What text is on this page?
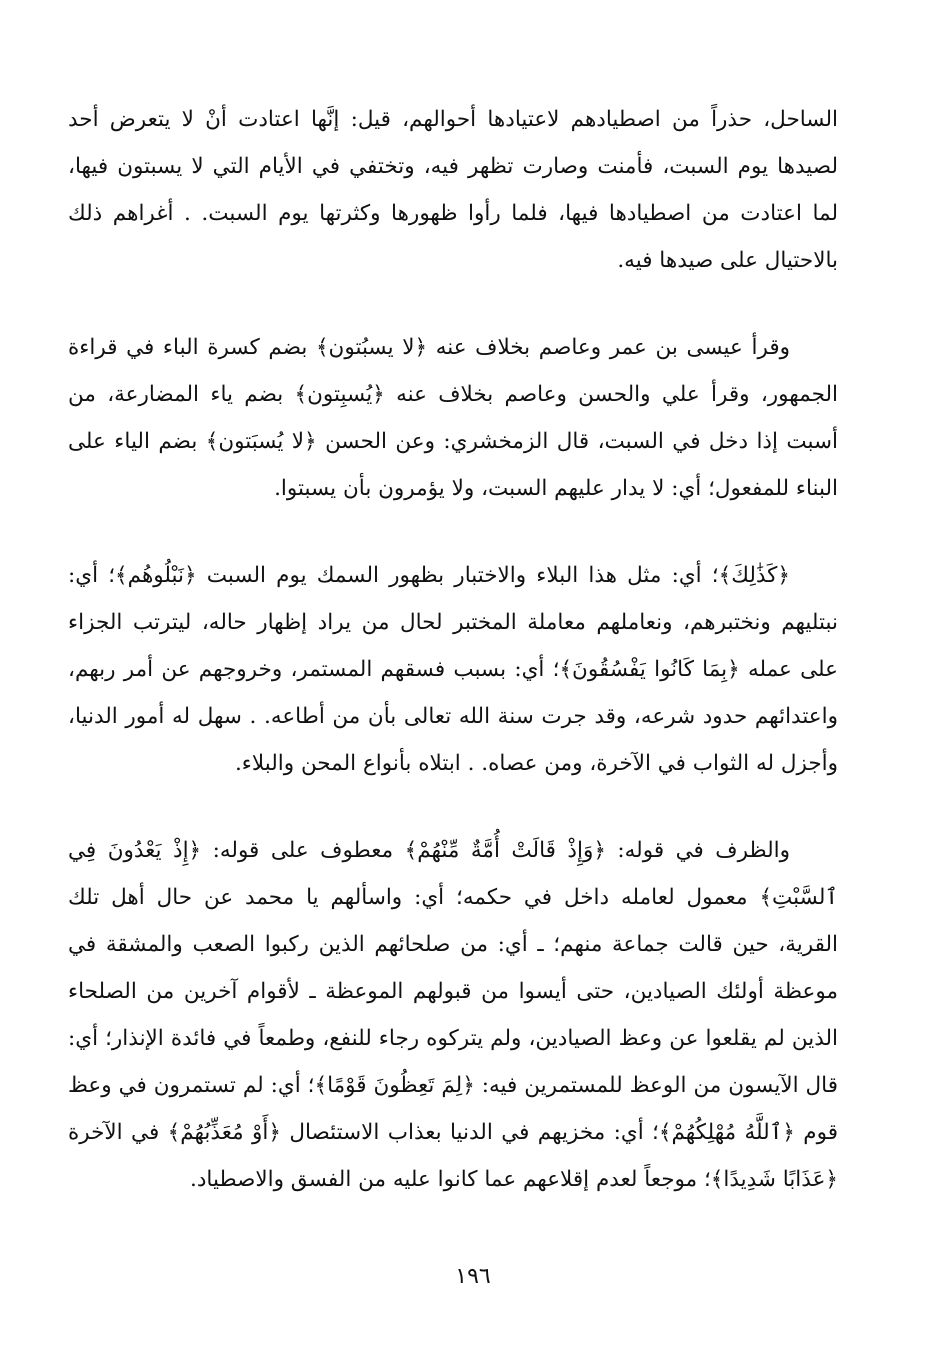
الساحل، حذراً من اصطيادهم لاعتيادها أحوالهم، قيل: إنَّها اعتادت أنْ لا يتعرض أحد لصيدها يوم السبت، فأمنت وصارت تظهر فيه، وتختفي في الأيام التي لا يسبتون فيها، لما اعتادت من اصطيادها فيها، فلما رأوا ظهورها وكثرتها يوم السبت. . أغراهم ذلك بالاحتيال على صيدها فيه.

وقرأ عيسى بن عمر وعاصم بخلاف عنه ﴿لا يسبُتون﴾ بضم كسرة الباء في قراءة الجمهور، وقرأ علي والحسن وعاصم بخلاف عنه ﴿يُسبِتون﴾ بضم ياء المضارعة، من أسبت إذا دخل في السبت، قال الزمخشري: وعن الحسن ﴿لا يُسبَتون﴾ بضم الياء على البناء للمفعول؛ أي: لا يدار عليهم السبت، ولا يؤمرون بأن يسبتوا.

﴿كَذَٰلِكَ﴾؛ أي: مثل هذا البلاء والاختبار بظهور السمك يوم السبت ﴿نَبْلُوهُم﴾؛ أي: نبتليهم ونختبرهم، ونعاملهم معاملة المختبر لحال من يراد إظهار حاله، ليترتب الجزاء على عمله ﴿بِمَا كَانُوا يَفْسُقُونَ﴾؛ أي: بسبب فسقهم المستمر، وخروجهم عن أمر ربهم، واعتدائهم حدود شرعه، وقد جرت سنة الله تعالى بأن من أطاعه. . سهل له أمور الدنيا، وأجزل له الثواب في الآخرة، ومن عصاه. . ابتلاه بأنواع المحن والبلاء.

والظرف في قوله: ﴿وَإِذْ قَالَتْ أُمَّةٌ مِّنْهُمْ﴾ معطوف على قوله: ﴿إِذْ يَعْدُونَ فِي ٱلسَّبْتِ﴾ معمول لعامله داخل في حكمه؛ أي: واسألهم يا محمد عن حال أهل تلك القرية، حين قالت جماعة منهم؛ ـ أي: من صلحائهم الذين ركبوا الصعب والمشقة في موعظة أولئك الصيادين، حتى أيسوا من قبولهم الموعظة ـ لأقوام آخرين من الصلحاء الذين لم يقلعوا عن وعظ الصيادين، ولم يتركوه رجاء للنفع، وطمعاً في فائدة الإنذار؛ أي: قال الآيسون من الوعظ للمستمرين فيه: ﴿لِمَ تَعِظُونَ قَوْمًا﴾؛ أي: لم تستمرون في وعظ قوم ﴿ٱللَّهُ مُهْلِكُهُمْ﴾؛ أي: مخزيهم في الدنيا بعذاب الاستئصال ﴿أَوْ مُعَذِّبُهُمْ﴾ في الآخرة ﴿عَذَابًا شَدِيدًا﴾؛ موجعاً لعدم إقلاعهم عما كانوا عليه من الفسق والاصطياد.

١٩٦
